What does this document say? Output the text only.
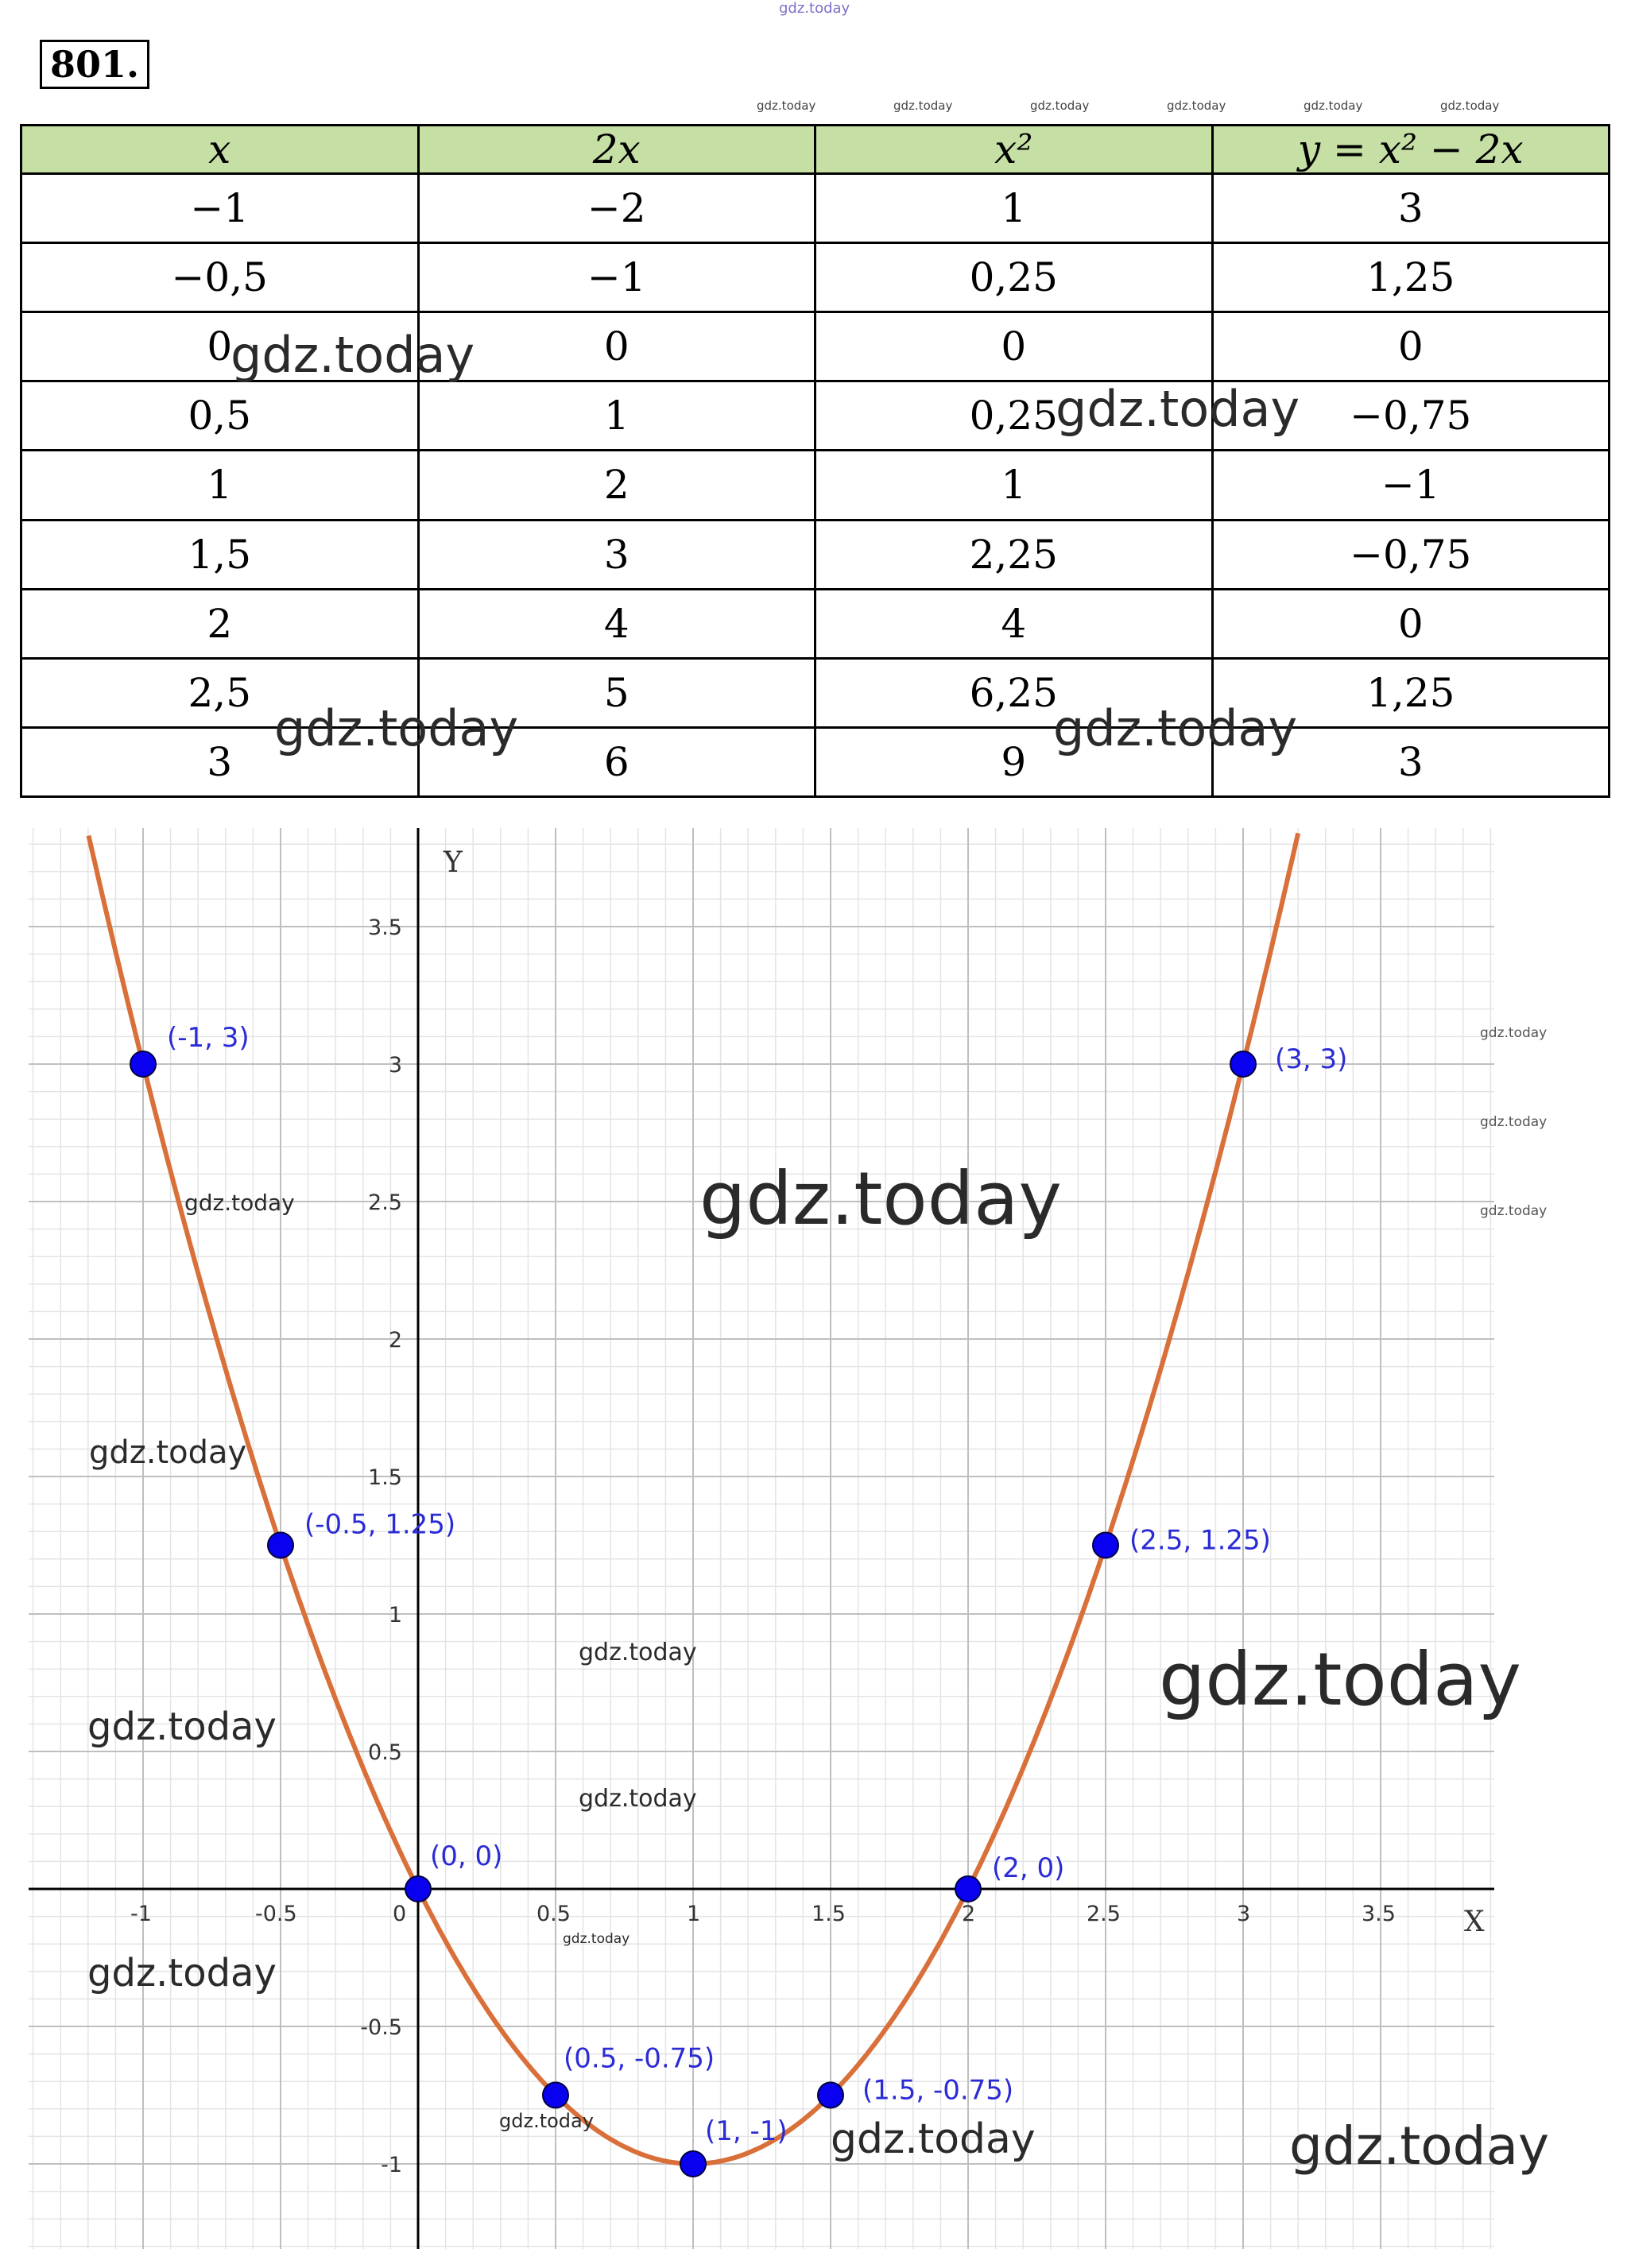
gdz.today
801.
gdz.today	gdz.today	gdz.today	gdz.today	gdz.today	gdz.today
x	2x	x²	y = x² − 2x
−1	−2	1	3
−0,5	−1	0,25	1,25
0	0	0	0
0,5	1	0,25	−0,75
1	2	1	−1
1,5	3	2,25	−0,75
2	4	4	0
2,5	5	6,25	1,25
3	6	9	3
gdz.today
gdz.today
gdz.today	gdz.today
X
Y
-1	-0.5	0	0.5	1	1.5	2	2.5	3	3.5
-1
-0.5
0.5
1
1.5
2
2.5
3
3.5
(-1, 3)
(-0.5, 1.25)
(0, 0)
(0.5, -0.75)
(1, -1)
(1.5, -0.75)
(2, 0)
(2.5, 1.25)
(3, 3)
gdz.today
gdz.today
gdz.today
gdz.today
gdz.today
gdz.today
gdz.today
gdz.today
gdz.today
gdz.today	gdz.today	gdz.today
gdz.today
gdz.today
gdz.today
